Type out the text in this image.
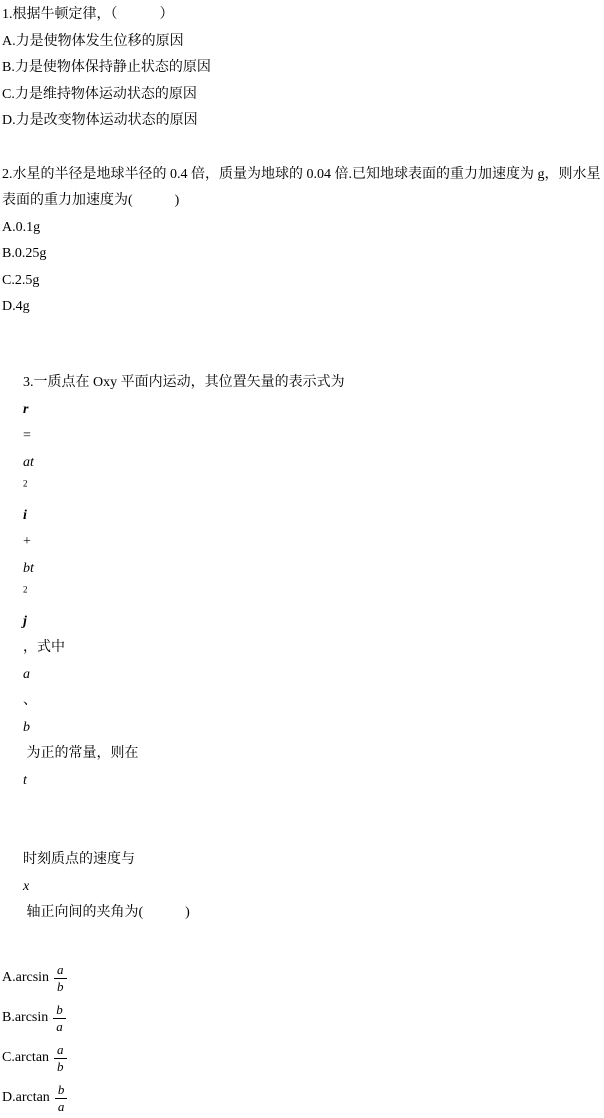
1.根据牛顿定律，（　　　）
A.力是使物体发生位移的原因
B.力是使物体保持静止状态的原因
C.力是维持物体运动状态的原因
D.力是改变物体运动状态的原因
2.水星的半径是地球半径的 0.4 倍，质量为地球的 0.04 倍.已知地球表面的重力加速度为 g，则水星
表面的重力加速度为(　　　)
A.0.1g
B.0.25g
C.2.5g
D.4g

3.一质点在 Oxy 平面内运动，其位置矢量的表示式为
r
=
at
$^2$
i
+
bt
$^2$
j
，式中
a
、
b
为正的常量，则在
t

时刻质点的速度与
x
轴正向间的夹角为(　　　)

$A.\arcsin \frac{a}{b}$
$B.\arcsin \frac{b}{a}$
$C.\arctan \frac{a}{b}$
$D.\arctan \frac{b}{a}$
